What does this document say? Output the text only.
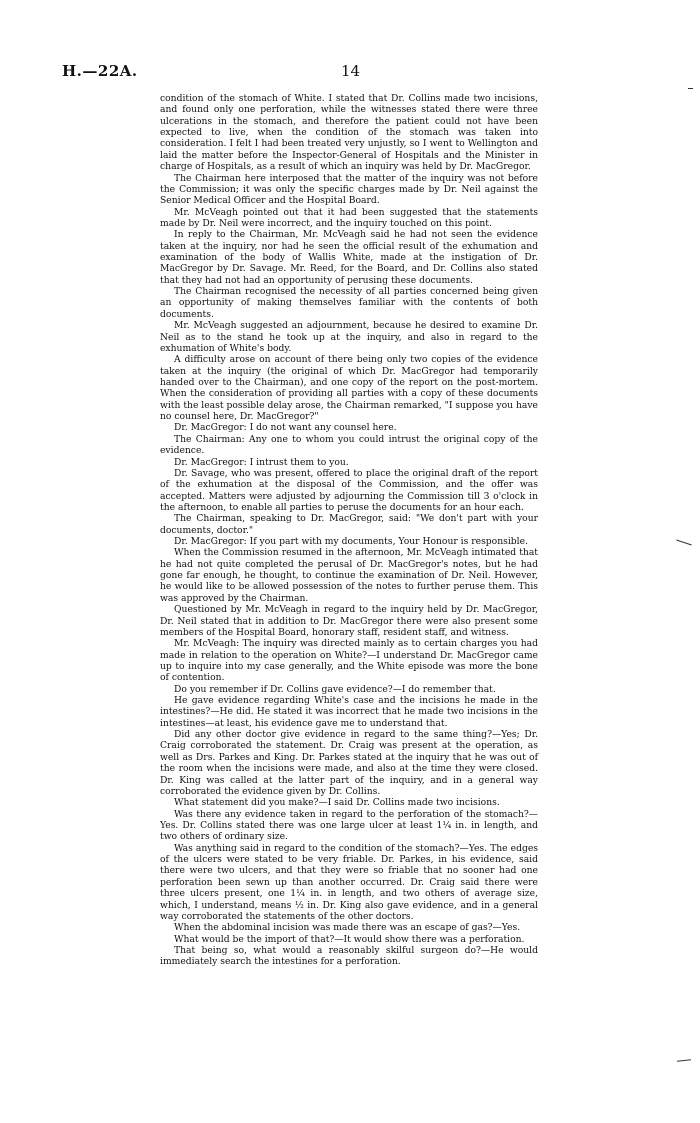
H.—22A.	14

condition of the stomach of White. I stated that Dr. Collins made two incisions, and found only one perforation, while the witnesses stated there were three ulcerations in the stomach, and therefore the patient could not have been expected to live, when the condition of the stomach was taken into consideration. I felt I had been treated very unjustly, so I went to Wellington and laid the matter before the Inspector-General of Hospitals and the Minister in charge of Hospitals, as a result of which an inquiry was held by Dr. MacGregor.

The Chairman here interposed that the matter of the inquiry was not before the Commission; it was only the specific charges made by Dr. Neil against the Senior Medical Officer and the Hospital Board.

Mr. McVeagh pointed out that it had been suggested that the statements made by Dr. Neil were incorrect, and the inquiry touched on this point.

In reply to the Chairman, Mr. McVeagh said he had not seen the evidence taken at the inquiry, nor had he seen the official result of the exhumation and examination of the body of Wallis White, made at the instigation of Dr. MacGregor by Dr. Savage. Mr. Reed, for the Board, and Dr. Collins also stated that they had not had an opportunity of perusing these documents.

The Chairman recognised the necessity of all parties concerned being given an opportunity of making themselves familiar with the contents of both documents.

Mr. McVeagh suggested an adjournment, because he desired to examine Dr. Neil as to the stand he took up at the inquiry, and also in regard to the exhumation of White's body.

A difficulty arose on account of there being only two copies of the evidence taken at the inquiry (the original of which Dr. MacGregor had temporarily handed over to the Chairman), and one copy of the report on the post-mortem. When the consideration of providing all parties with a copy of these documents with the least possible delay arose, the Chairman remarked, "I suppose you have no counsel here, Dr. MacGregor?"

Dr. MacGregor: I do not want any counsel here.

The Chairman: Any one to whom you could intrust the original copy of the evidence.

Dr. MacGregor: I intrust them to you.

Dr. Savage, who was present, offered to place the original draft of the report of the exhumation at the disposal of the Commission, and the offer was accepted. Matters were adjusted by adjourning the Commission till 3 o'clock in the afternoon, to enable all parties to peruse the documents for an hour each.

The Chairman, speaking to Dr. MacGregor, said: "We don't part with your documents, doctor."

Dr. MacGregor: If you part with my documents, Your Honour is responsible.

When the Commission resumed in the afternoon, Mr. McVeagh intimated that he had not quite completed the perusal of Dr. MacGregor's notes, but he had gone far enough, he thought, to continue the examination of Dr. Neil. However, he would like to be allowed possession of the notes to further peruse them. This was approved by the Chairman.

Questioned by Mr. McVeagh in regard to the inquiry held by Dr. MacGregor, Dr. Neil stated that in addition to Dr. MacGregor there were also present some members of the Hospital Board, honorary staff, resident staff, and witness.

Mr. McVeagh: The inquiry was directed mainly as to certain charges you had made in relation to the operation on White?—I understand Dr. MacGregor came up to inquire into my case generally, and the White episode was more the bone of contention.

Do you remember if Dr. Collins gave evidence?—I do remember that.

He gave evidence regarding White's case and the incisions he made in the intestines?—He did. He stated it was incorrect that he made two incisions in the intestines—at least, his evidence gave me to understand that.

Did any other doctor give evidence in regard to the same thing?—Yes; Dr. Craig corroborated the statement. Dr. Craig was present at the operation, as well as Drs. Parkes and King. Dr. Parkes stated at the inquiry that he was out of the room when the incisions were made, and also at the time they were closed. Dr. King was called at the latter part of the inquiry, and in a general way corroborated the evidence given by Dr. Collins.

What statement did you make?—I said Dr. Collins made two incisions.

Was there any evidence taken in regard to the perforation of the stomach?—Yes. Dr. Collins stated there was one large ulcer at least 1¼ in. in length, and two others of ordinary size.

Was anything said in regard to the condition of the stomach?—Yes. The edges of the ulcers were stated to be very friable. Dr. Parkes, in his evidence, said there were two ulcers, and that they were so friable that no sooner had one perforation been sewn up than another occurred. Dr. Craig said there were three ulcers present, one 1¼ in. in length, and two others of average size, which, I understand, means ½ in. Dr. King also gave evidence, and in a general way corroborated the statements of the other doctors.

When the abdominal incision was made there was an escape of gas?—Yes.

What would be the import of that?—It would show there was a perforation.

That being so, what would a reasonably skilful surgeon do?—He would immediately search the intestines for a perforation.
